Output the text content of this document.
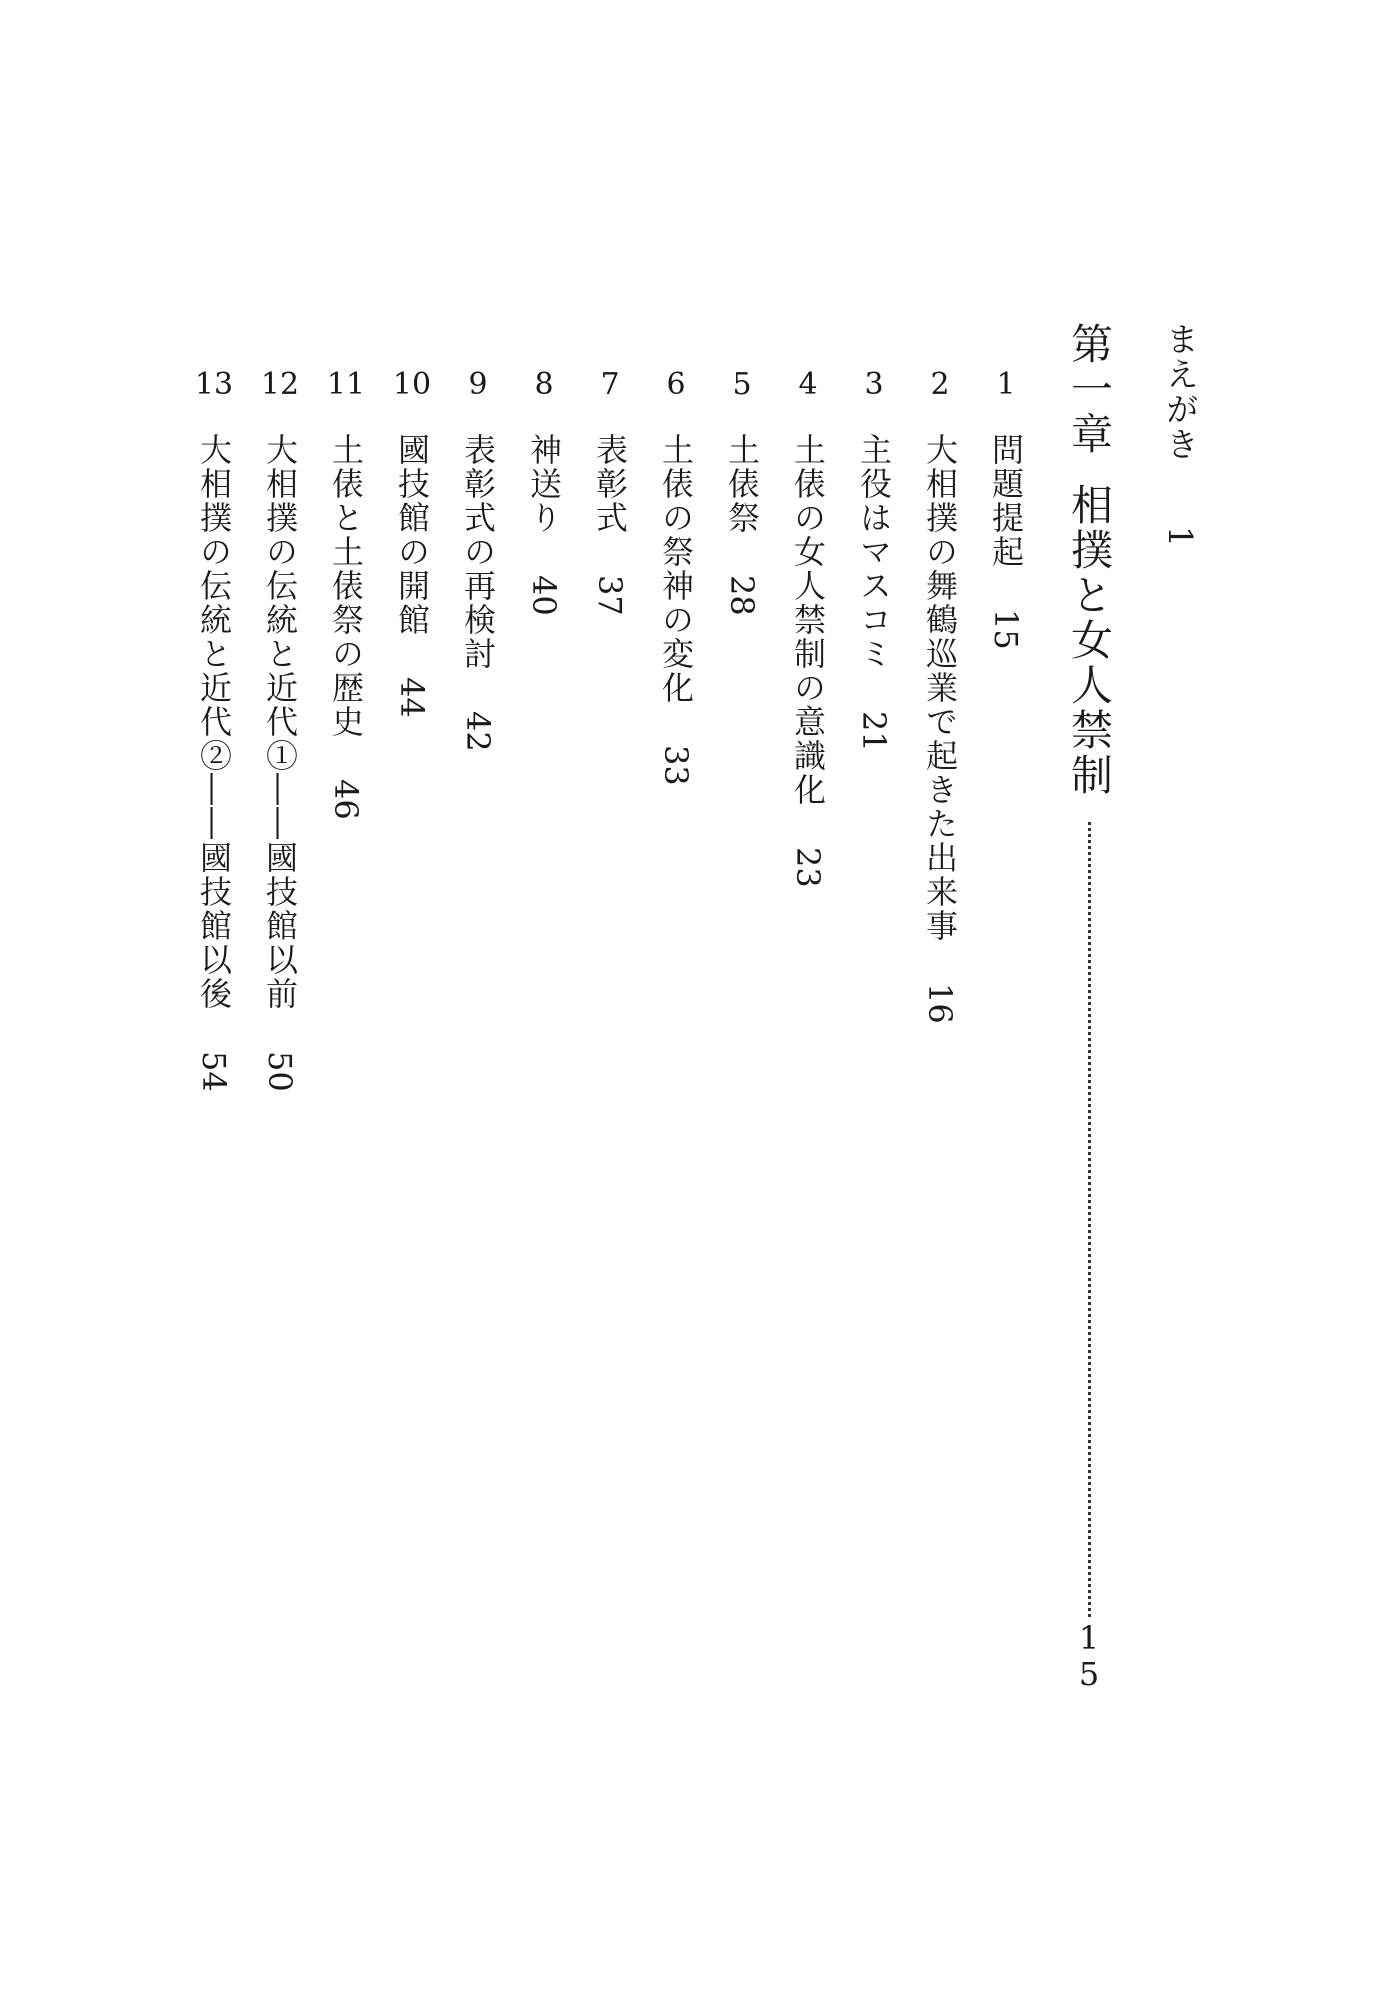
まえがき1
第一章相撲と女人禁制
15
1
問題提起15
2
大相撲の舞鶴巡業で起きた出来事16
3
主役はマスコミ21
4
土俵の女人禁制の意識化23
5
土俵祭28
6
土俵の祭神の変化33
7
表彰式37
8
神送り40
9
表彰式の再検討42
10
國技館の開館44
11
土俵と土俵祭の歴史46
12
大相撲の伝統と近代①――國技館以前50
13
大相撲の伝統と近代②――國技館以後54
